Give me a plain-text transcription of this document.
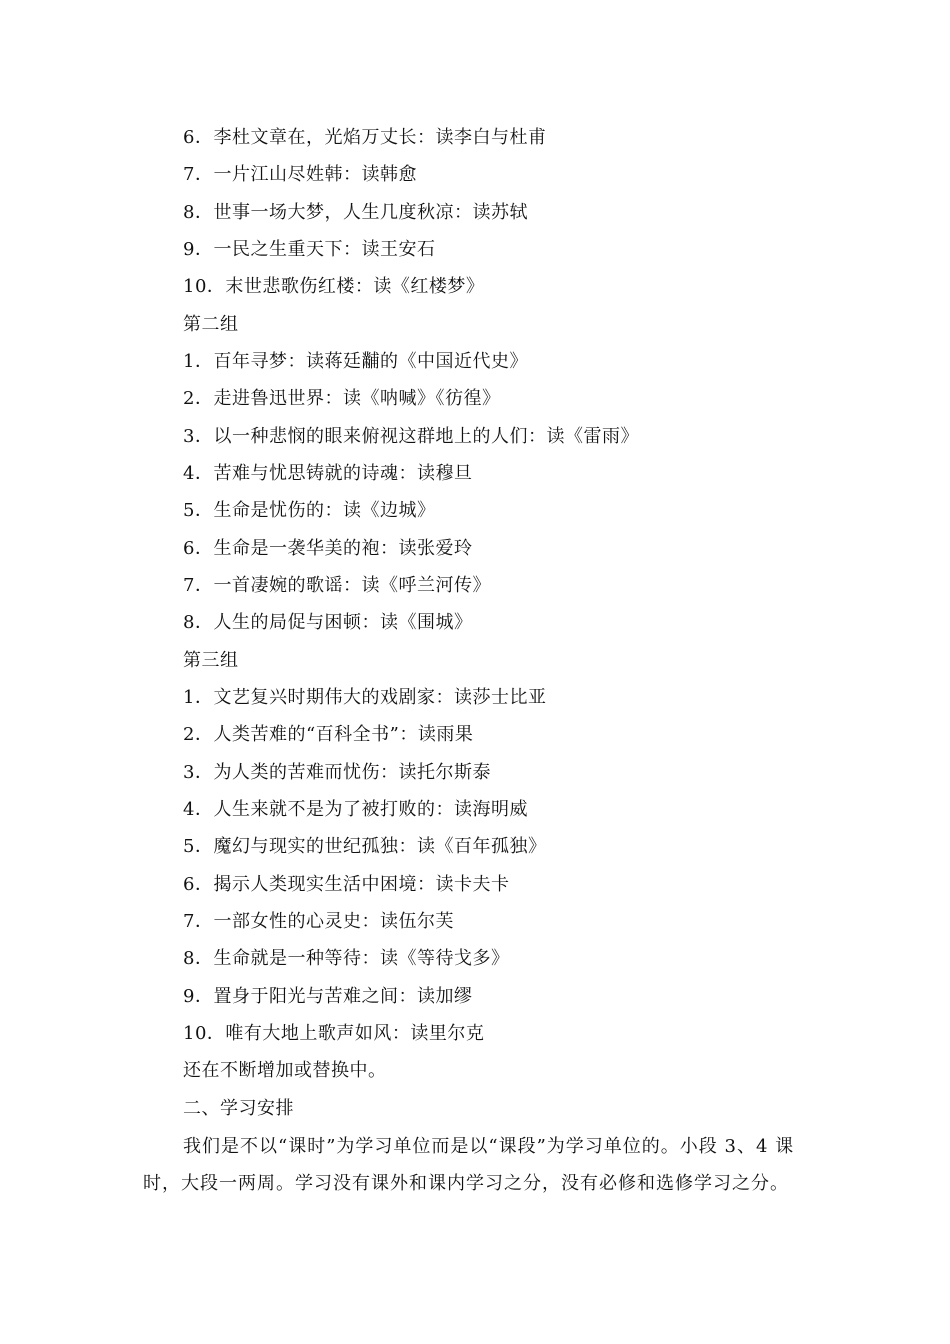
6．李杜文章在，光焰万丈长：读李白与杜甫
7．一片江山尽姓韩：读韩愈
8．世事一场大梦，人生几度秋凉：读苏轼
9．一民之生重天下：读王安石
10．末世悲歌伤红楼：读《红楼梦》
第二组
1．百年寻梦：读蒋廷黼的《中国近代史》
2．走进鲁迅世界：读《呐喊》《彷徨》
3．以一种悲悯的眼来俯视这群地上的人们：读《雷雨》
4．苦难与忧思铸就的诗魂：读穆旦
5．生命是忧伤的：读《边城》
6．生命是一袭华美的袍：读张爱玲
7．一首凄婉的歌谣：读《呼兰河传》
8．人生的局促与困顿：读《围城》
第三组
1．文艺复兴时期伟大的戏剧家：读莎士比亚
2．人类苦难的“百科全书”：读雨果
3．为人类的苦难而忧伤：读托尔斯泰
4．人生来就不是为了被打败的：读海明威
5．魔幻与现实的世纪孤独：读《百年孤独》
6．揭示人类现实生活中困境：读卡夫卡
7．一部女性的心灵史：读伍尔芙
8．生命就是一种等待：读《等待戈多》
9．置身于阳光与苦难之间：读加缪
10．唯有大地上歌声如风：读里尔克
还在不断增加或替换中。
二、学习安排
我们是不以“课时”为学习单位而是以“课段”为学习单位的。小段 3、4 课时，大段一两周。学习没有课外和课内学习之分，没有必修和选修学习之分。
